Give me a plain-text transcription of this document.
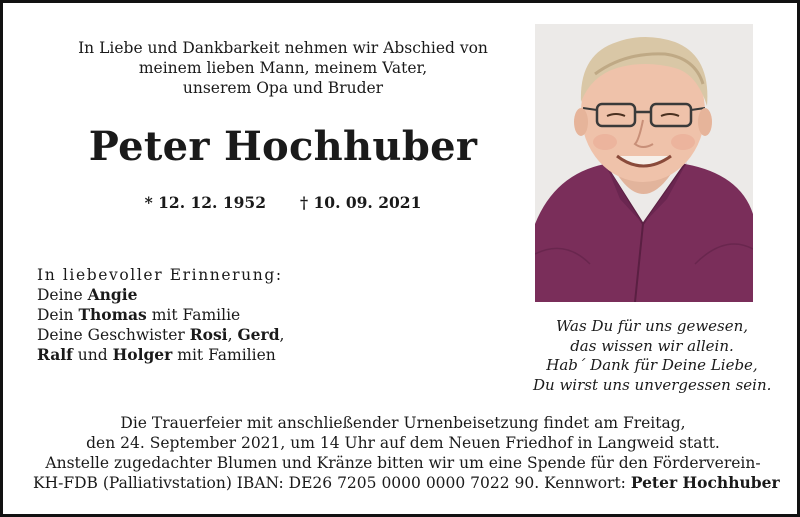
In Liebe und Dankbarkeit nehmen wir Abschied von
meinem lieben Mann, meinem Vater,
unserem Opa und Bruder
Peter Hochhuber
* 12. 12. 1952 † 10. 09. 2021
In liebevoller Erinnerung:
Deine Angie
Dein Thomas mit Familie
Deine Geschwister Rosi, Gerd,
Ralf und Holger mit Familien
Was Du für uns gewesen,
das wissen wir allein.
Hab´ Dank für Deine Liebe,
Du wirst uns unvergessen sein.
Die Trauerfeier mit anschließender Urnenbeisetzung findet am Freitag,
den 24. September 2021, um 14 Uhr auf dem Neuen Friedhof in Langweid statt.
Anstelle zugedachter Blumen und Kränze bitten wir um eine Spende für den Förderverein-
KH-FDB (Palliativstation) IBAN: DE26 7205 0000 0000 7022 90. Kennwort: Peter Hochhuber
